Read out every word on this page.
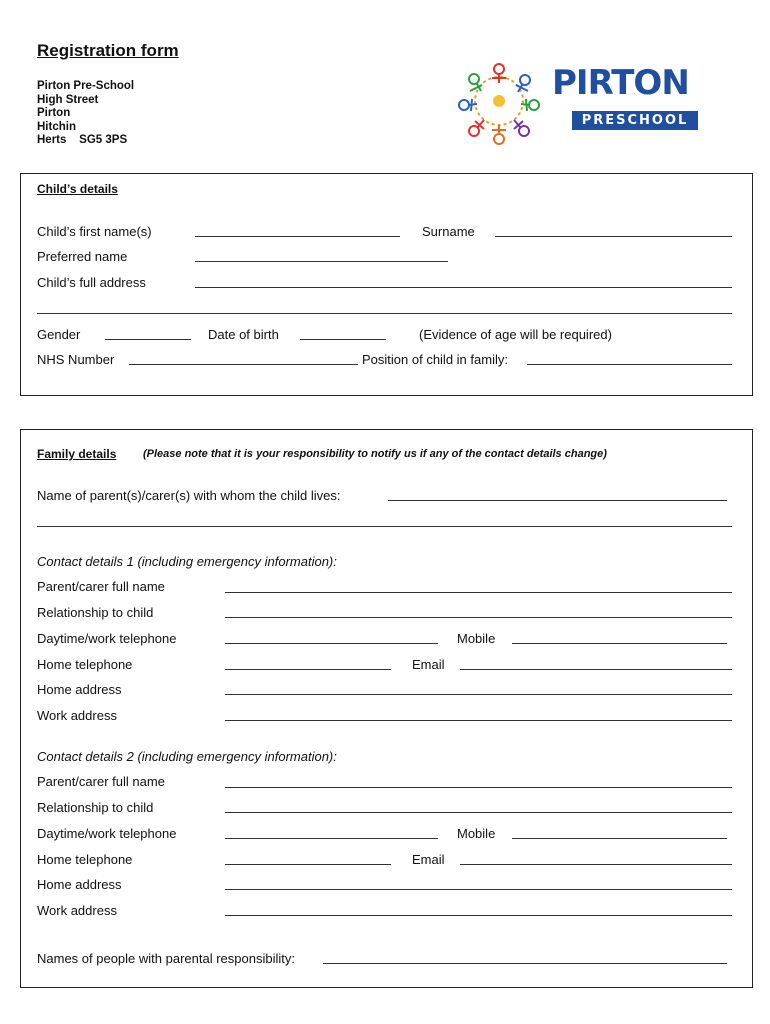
Registration form
Pirton Pre-School
High Street
Pirton
Hitchin
Herts    SG5 3PS
PIRTON
PRESCHOOL
Child’s details
Child’s first name(s)	Surname
Preferred name
Child’s full address
Gender	Date of birth	(Evidence of age will be required)
NHS Number	Position of child in family:
Family details (Please note that it is your responsibility to notify us if any of the contact details change)
Name of parent(s)/carer(s) with whom the child lives:
Contact details 1 (including emergency information):
Parent/carer full name
Relationship to child
Daytime/work telephone	Mobile
Home telephone	Email
Home address
Work address
Contact details 2 (including emergency information):
Parent/carer full name
Relationship to child
Daytime/work telephone	Mobile
Home telephone	Email
Home address
Work address
Names of people with parental responsibility:
